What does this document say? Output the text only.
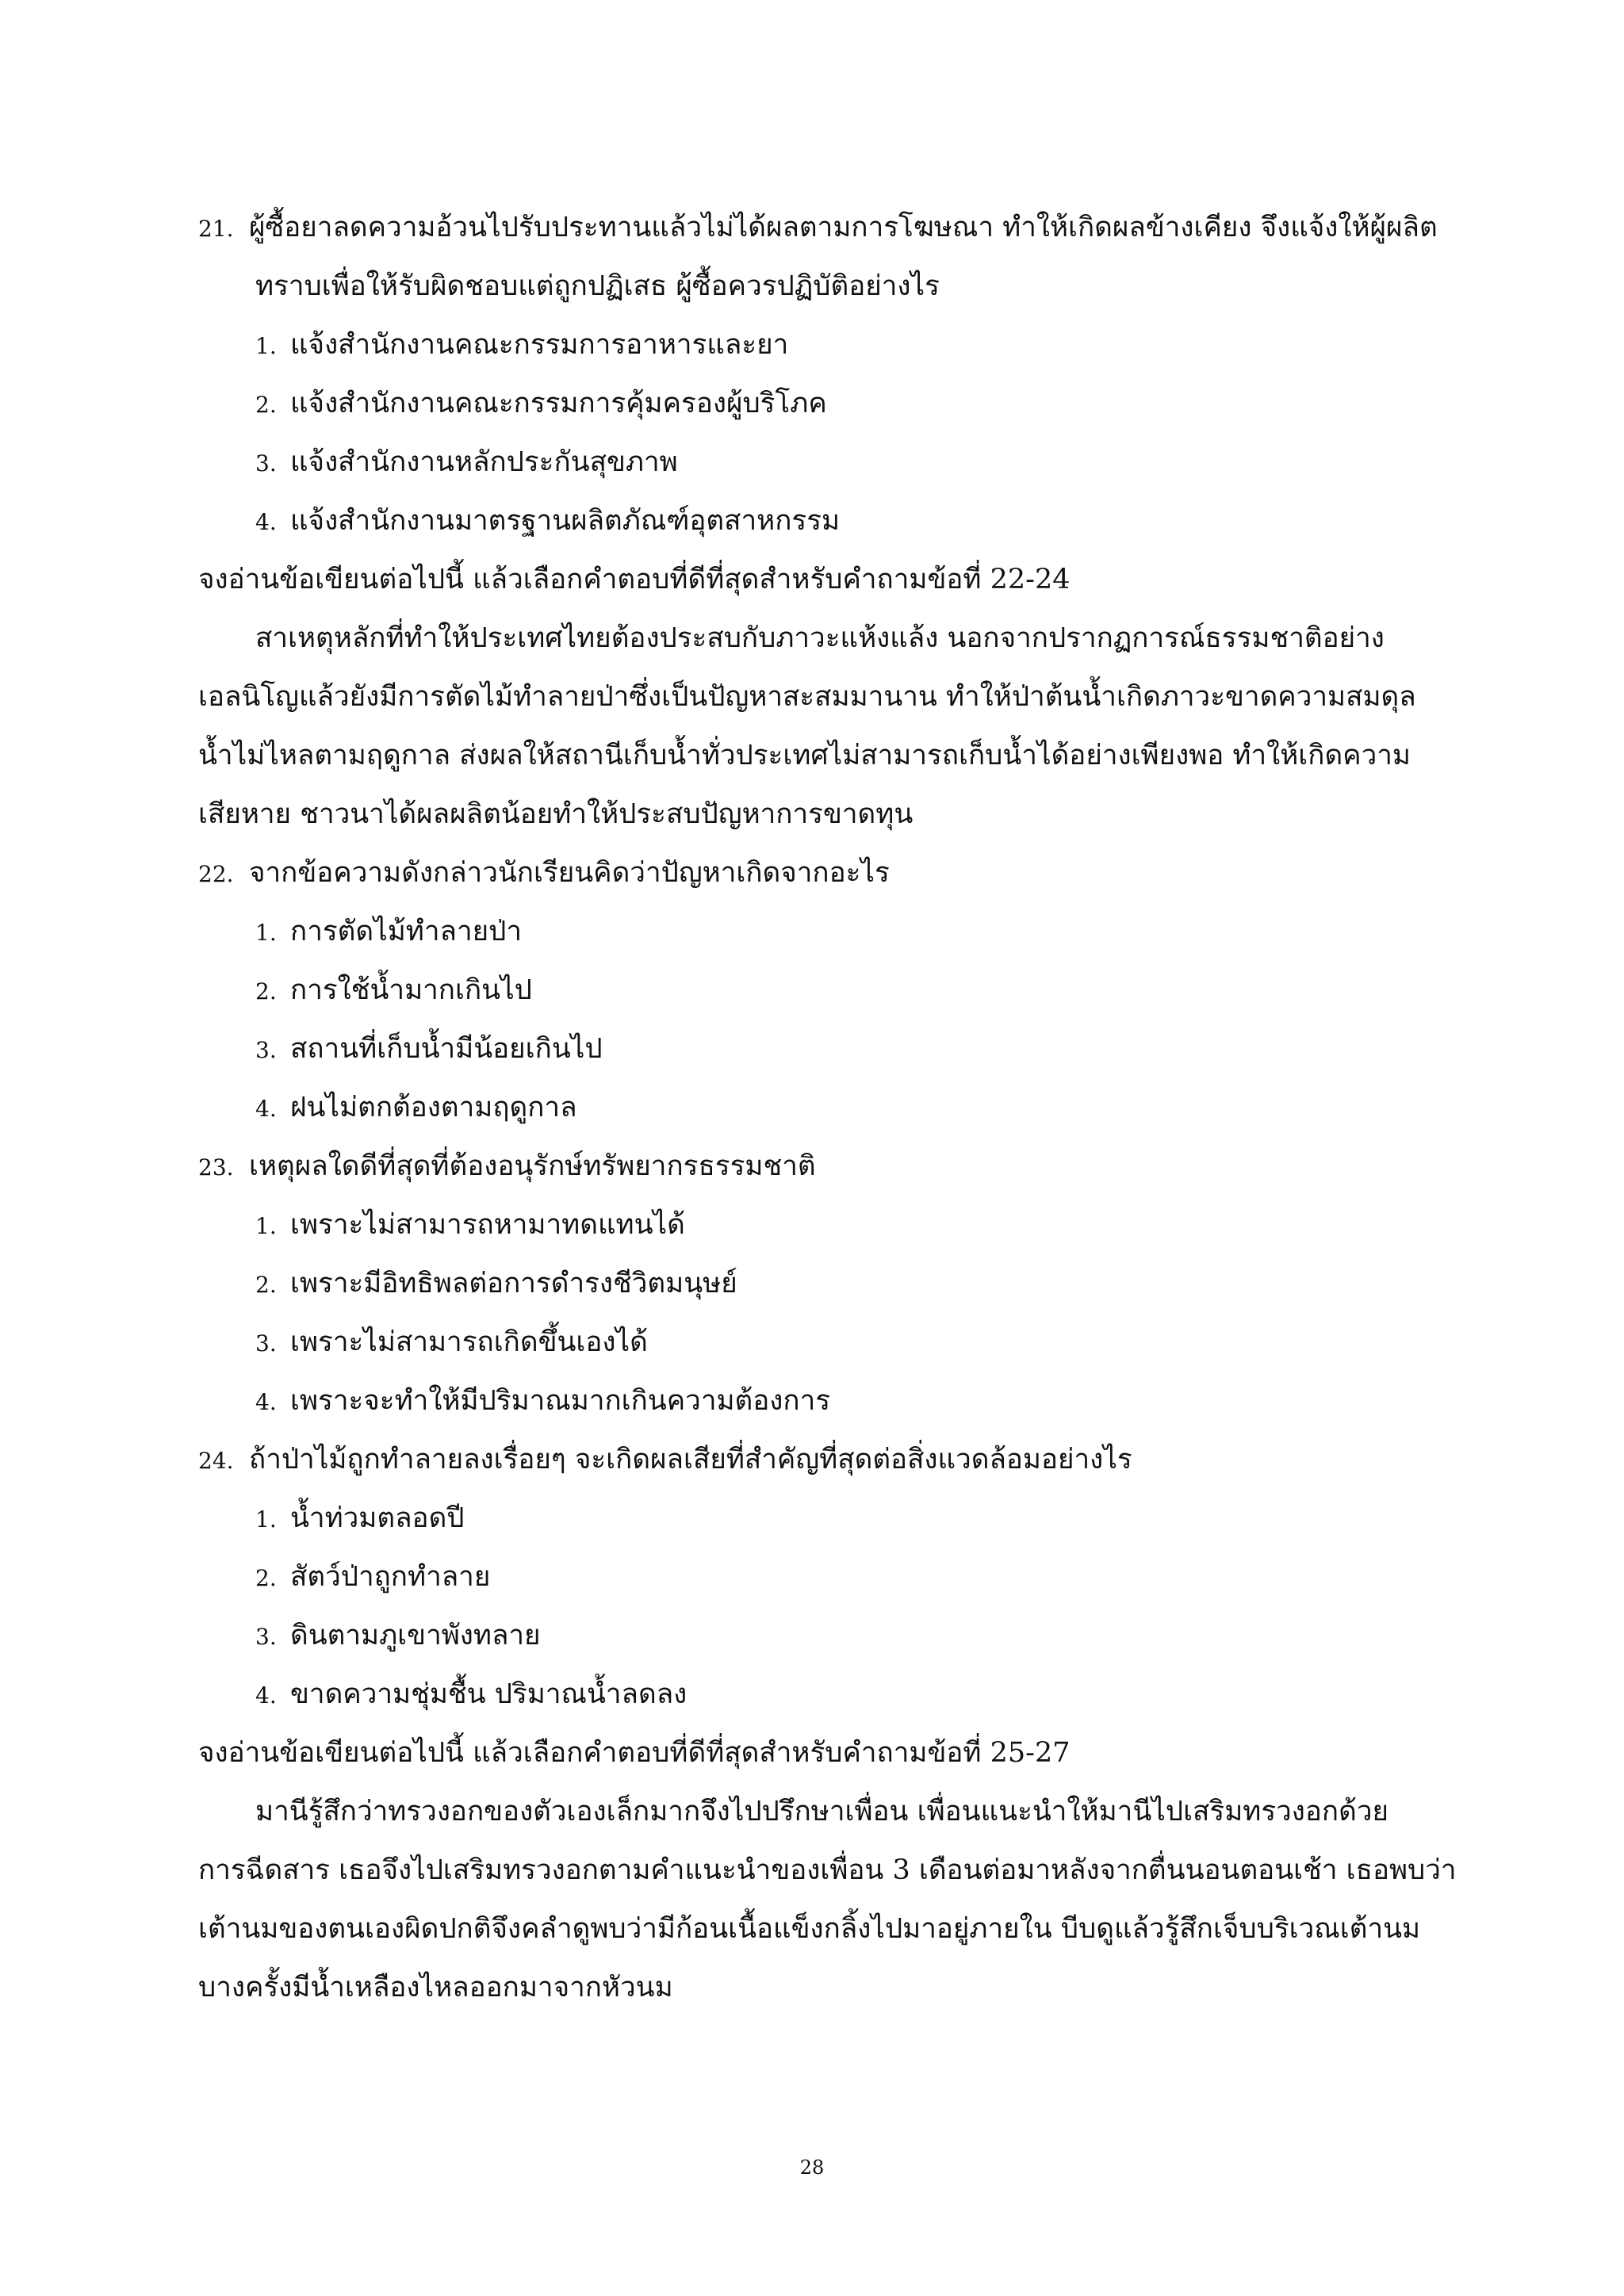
21. ผู้ซื้อยาลดความอ้วนไปรับประทานแล้วไม่ได้ผลตามการโฆษณา ทำให้เกิดผลข้างเคียง จึงแจ้งให้ผู้ผลิต
ทราบเพื่อให้รับผิดชอบแต่ถูกปฏิเสธ ผู้ซื้อควรปฏิบัติอย่างไร
1. แจ้งสำนักงานคณะกรรมการอาหารและยา
2. แจ้งสำนักงานคณะกรรมการคุ้มครองผู้บริโภค
3. แจ้งสำนักงานหลักประกันสุขภาพ
4. แจ้งสำนักงานมาตรฐานผลิตภัณฑ์อุตสาหกรรม
จงอ่านข้อเขียนต่อไปนี้ แล้วเลือกคำตอบที่ดีที่สุดสำหรับคำถามข้อที่ 22-24
สาเหตุหลักที่ทำให้ประเทศไทยต้องประสบกับภาวะแห้งแล้ง นอกจากปรากฏการณ์ธรรมชาติอย่าง
เอลนิโญแล้วยังมีการตัดไม้ทำลายป่าซึ่งเป็นปัญหาสะสมมานาน ทำให้ป่าต้นน้ำเกิดภาวะขาดความสมดุล
น้ำไม่ไหลตามฤดูกาล ส่งผลให้สถานีเก็บน้ำทั่วประเทศไม่สามารถเก็บน้ำได้อย่างเพียงพอ ทำให้เกิดความ
เสียหาย ชาวนาได้ผลผลิตน้อยทำให้ประสบปัญหาการขาดทุน
22. จากข้อความดังกล่าวนักเรียนคิดว่าปัญหาเกิดจากอะไร
1. การตัดไม้ทำลายป่า
2. การใช้น้ำมากเกินไป
3. สถานที่เก็บน้ำมีน้อยเกินไป
4. ฝนไม่ตกต้องตามฤดูกาล
23. เหตุผลใดดีที่สุดที่ต้องอนุรักษ์ทรัพยากรธรรมชาติ
1. เพราะไม่สามารถหามาทดแทนได้
2. เพราะมีอิทธิพลต่อการดำรงชีวิตมนุษย์
3. เพราะไม่สามารถเกิดขึ้นเองได้
4. เพราะจะทำให้มีปริมาณมากเกินความต้องการ
24. ถ้าป่าไม้ถูกทำลายลงเรื่อยๆ จะเกิดผลเสียที่สำคัญที่สุดต่อสิ่งแวดล้อมอย่างไร
1. น้ำท่วมตลอดปี
2. สัตว์ป่าถูกทำลาย
3. ดินตามภูเขาพังทลาย
4. ขาดความชุ่มชื้น ปริมาณน้ำลดลง
จงอ่านข้อเขียนต่อไปนี้ แล้วเลือกคำตอบที่ดีที่สุดสำหรับคำถามข้อที่ 25-27
มานีรู้สึกว่าทรวงอกของตัวเองเล็กมากจึงไปปรึกษาเพื่อน เพื่อนแนะนำให้มานีไปเสริมทรวงอกด้วย
การฉีดสาร เธอจึงไปเสริมทรวงอกตามคำแนะนำของเพื่อน 3 เดือนต่อมาหลังจากตื่นนอนตอนเช้า เธอพบว่า
เต้านมของตนเองผิดปกติจึงคลำดูพบว่ามีก้อนเนื้อแข็งกลิ้งไปมาอยู่ภายใน บีบดูแล้วรู้สึกเจ็บบริเวณเต้านม
บางครั้งมีน้ำเหลืองไหลออกมาจากหัวนม
28
